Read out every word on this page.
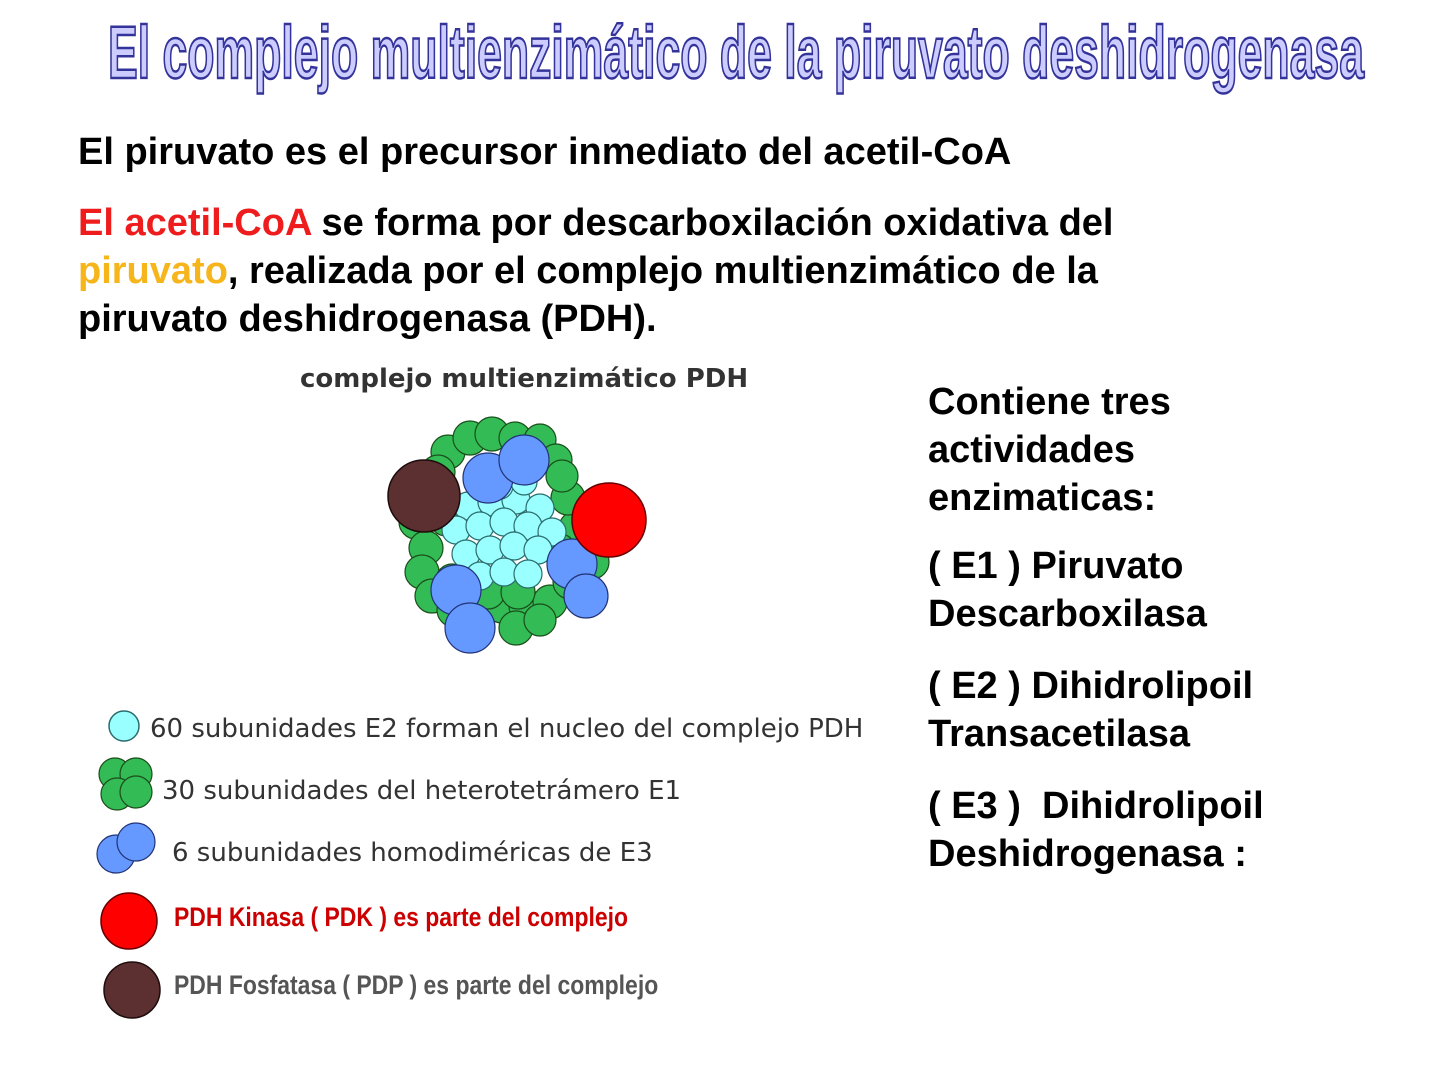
El complejo multienzimático de la piruvato deshidrogenasa

El piruvato es el precursor inmediato del acetil-CoA

El acetil-CoA se forma por descarboxilación oxidativa del
piruvato, realizada por el complejo multienzimático de la
piruvato deshidrogenasa (PDH).

complejo multienzimático PDH
60 subunidades E2 forman el nucleo del complejo PDH
30 subunidades del heterotetrámero E1
6 subunidades homodiméricas de E3
PDH Kinasa ( PDK ) es parte del complejo
PDH Fosfatasa ( PDP ) es parte del complejo

Contiene tres
actividades
enzimaticas:

( E1 ) Piruvato
Descarboxilasa

( E2 ) Dihidrolipoil
Transacetilasa

( E3 )  Dihidrolipoil
Deshidrogenasa :
